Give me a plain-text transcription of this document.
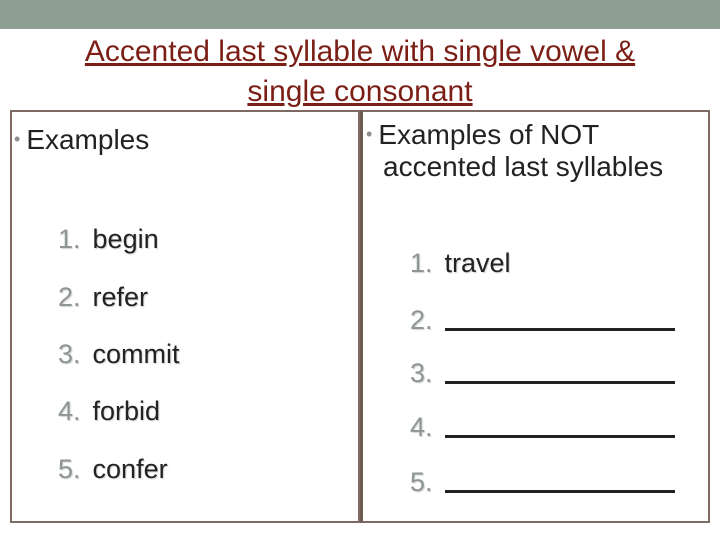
Accented last syllable with single vowel &
single consonant
• Examples
1. begin
2. refer
3. commit
4. forbid
5. confer
• Examples of NOT
accented last syllables
1. travel
2.
3.
4.
5.
